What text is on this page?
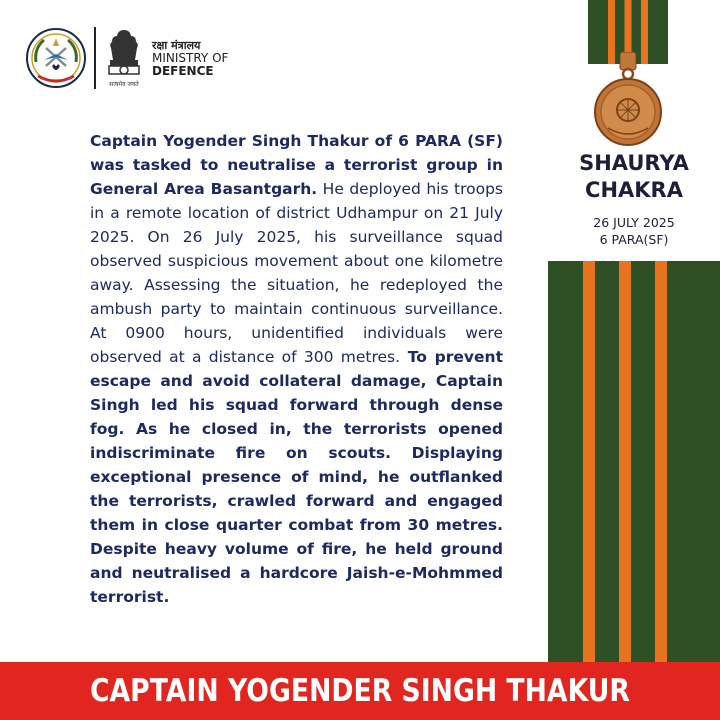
सत्यमेव जयते
रक्षा मंत्रालय
MINISTRY OF
DEFENCE
Captain Yogender Singh Thakur of 6 PARA (SF) was tasked to neutralise a terrorist group in General Area Basantgarh. He deployed his troops in a remote location of district Udhampur on 21 July 2025. On 26 July 2025, his surveillance squad observed suspicious movement about one kilometre away. Assessing the situation, he redeployed the ambush party to maintain continuous surveillance. At 0900 hours, unidentified individuals were observed at a distance of 300 metres. To prevent escape and avoid collateral damage, Captain Singh led his squad forward through dense fog. As he closed in, the terrorists opened indiscriminate fire on scouts. Displaying exceptional presence of mind, he outflanked the terrorists, crawled forward and engaged them in close quarter combat from 30 metres. Despite heavy volume of fire, he held ground and neutralised a hardcore Jaish-e-Mohmmed terrorist.
SHAURYA
CHAKRA
26 JULY 2025
6 PARA(SF)
CAPTAIN YOGENDER SINGH THAKUR
